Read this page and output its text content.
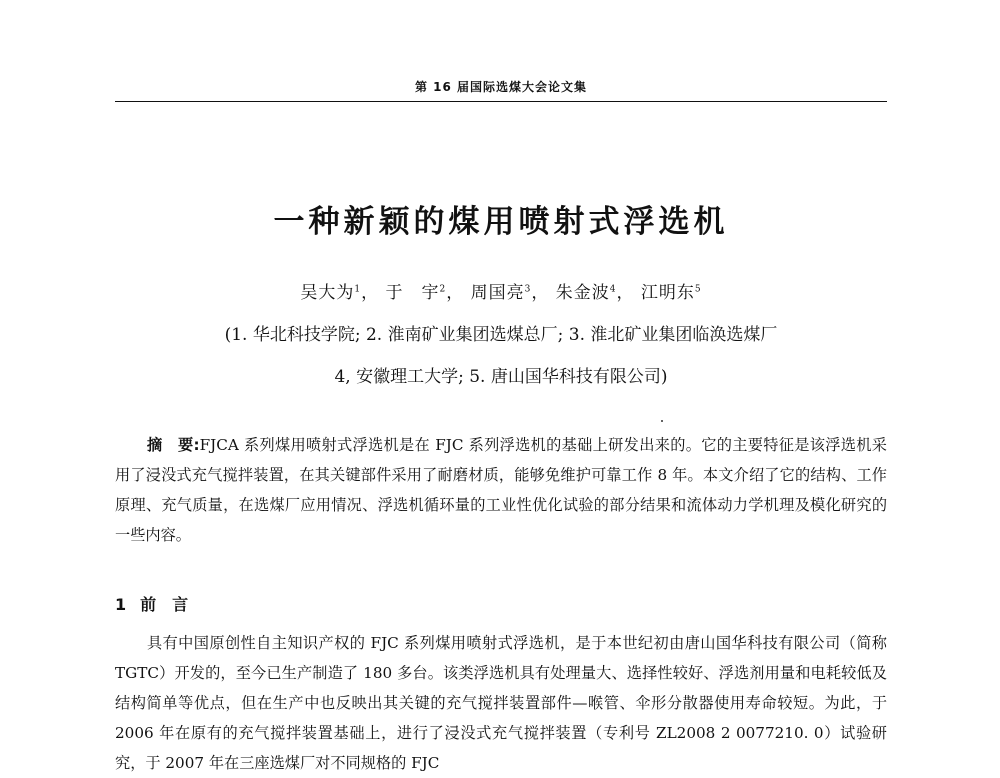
第 16 届国际选煤大会论文集
一种新颖的煤用喷射式浮选机
吴大为$^1$， 于　宇$^2$， 周国亮$^3$， 朱金波$^4$， 江明东$^5$
(1. 华北科技学院; 2. 淮南矿业集团选煤总厂; 3. 淮北矿业集团临涣选煤厂
4, 安徽理工大学; 5. 唐山国华科技有限公司)
摘　要:FJCA 系列煤用喷射式浮选机是在 FJC 系列浮选机的基础上研发出来的。它的主要特征是该浮选机采用了浸没式充气搅拌装置，在其关键部件采用了耐磨材质，能够免维护可靠工作 8 年。本文介绍了它的结构、工作原理、充气质量，在选煤厂应用情况、浮选机循环量的工业性优化试验的部分结果和流体动力学机理及模化研究的一些内容。
1 前　言
具有中国原创性自主知识产权的 FJC 系列煤用喷射式浮选机，是于本世纪初由唐山国华科技有限公司（简称　TGTC）开发的，至今已生产制造了 180 多台。该类浮选机具有处理量大、选择性较好、浮选剂用量和电耗较低及结构简单等优点，但在生产中也反映出其关键的充气搅拌装置部件—喉管、伞形分散器使用寿命较短。为此，于 2006 年在原有的充气搅拌装置基础上，进行了浸没式充气搅拌装置（专利号 ZL2008 2 0077210. 0）试验研究，于 2007 年在三座选煤厂对不同规格的 FJC
